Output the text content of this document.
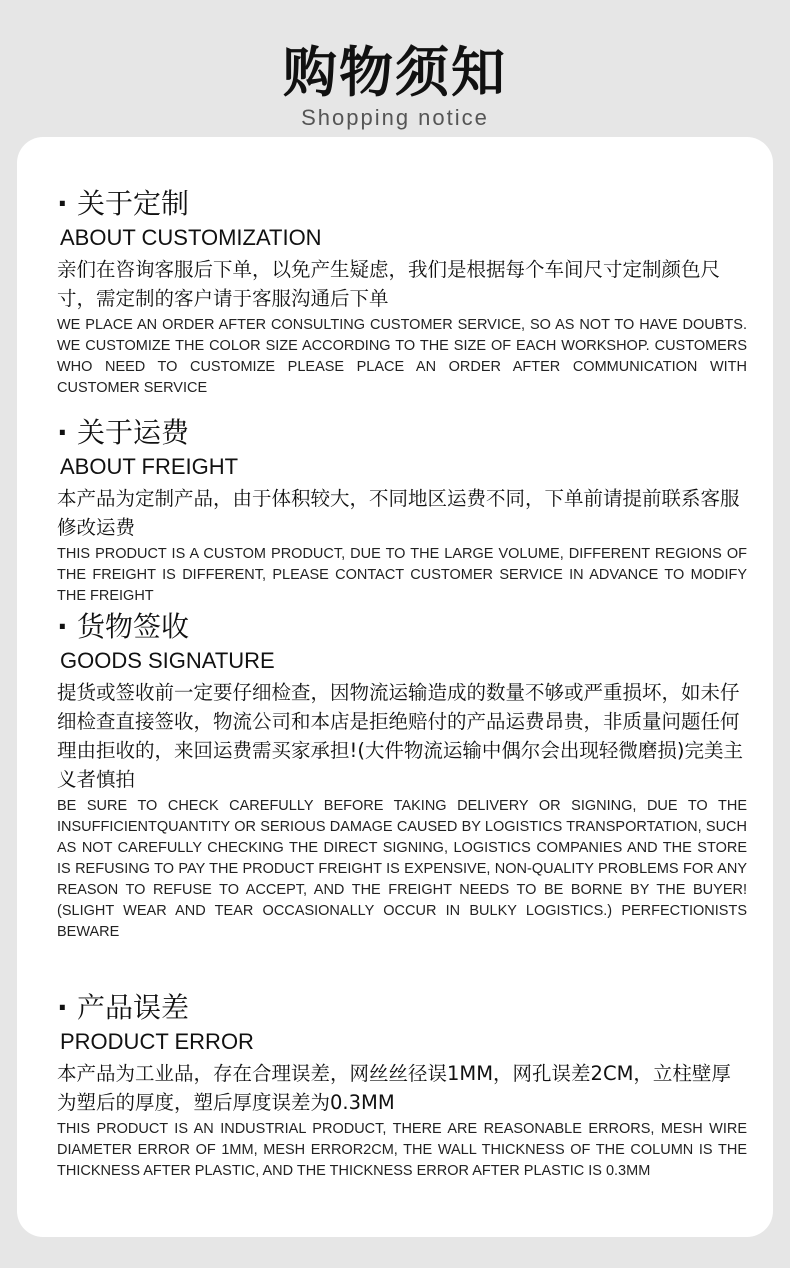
购物须知
Shopping notice
· 关于定制
ABOUT CUSTOMIZATION
亲们在咨询客服后下单，以免产生疑虑，我们是根据每个车间尺寸定制颜色尺寸，需定制的客户请于客服沟通后下单
WE PLACE AN ORDER AFTER CONSULTING CUSTOMER SERVICE, SO AS NOT TO HAVE DOUBTS. WE CUSTOMIZE THE COLOR SIZE ACCORDING TO THE SIZE OF EACH WORKSHOP. CUSTOMERS WHO NEED TO CUSTOMIZE PLEASE PLACE AN ORDER AFTER COMMUNICATION WITH CUSTOMER SERVICE
· 关于运费
ABOUT FREIGHT
本产品为定制产品，由于体积较大，不同地区运费不同，下单前请提前联系客服修改运费
THIS PRODUCT IS A CUSTOM PRODUCT, DUE TO THE LARGE VOLUME, DIFFERENT REGIONS OF THE FREIGHT IS DIFFERENT, PLEASE CONTACT CUSTOMER SERVICE IN ADVANCE TO MODIFY THE FREIGHT
· 货物签收
GOODS SIGNATURE
提货或签收前一定要仔细检查，因物流运输造成的数量不够或严重损坏，如未仔细检查直接签收，物流公司和本店是拒绝赔付的产品运费昂贵，非质量问题任何理由拒收的，来回运费需买家承担!(大件物流运输中偶尔会出现轻微磨损)完美主义者慎拍
BE SURE TO CHECK CAREFULLY BEFORE TAKING DELIVERY OR SIGNING, DUE TO THE INSUFFICIENTQUANTITY OR SERIOUS DAMAGE CAUSED BY LOGISTICS TRANSPORTATION, SUCH AS NOT CAREFULLY CHECKING THE DIRECT SIGNING, LOGISTICS COMPANIES AND THE STORE IS REFUSING TO PAY THE PRODUCT FREIGHT IS EXPENSIVE, NON-QUALITY PROBLEMS FOR ANY REASON TO REFUSE TO ACCEPT, AND THE FREIGHT NEEDS TO BE BORNE BY THE BUYER! (SLIGHT WEAR AND TEAR OCCASIONALLY OCCUR IN BULKY LOGISTICS.) PERFECTIONISTS BEWARE
· 产品误差
PRODUCT ERROR
本产品为工业品，存在合理误差，网丝丝径误1MM，网孔误差2CM，立柱壁厚为塑后的厚度，塑后厚度误差为0.3MM
THIS PRODUCT IS AN INDUSTRIAL PRODUCT, THERE ARE REASONABLE ERRORS, MESH WIRE DIAMETER ERROR OF 1MM, MESH ERROR2CM, THE WALL THICKNESS OF THE COLUMN IS THE THICKNESS AFTER PLASTIC, AND THE THICKNESS ERROR AFTER PLASTIC IS 0.3MM
